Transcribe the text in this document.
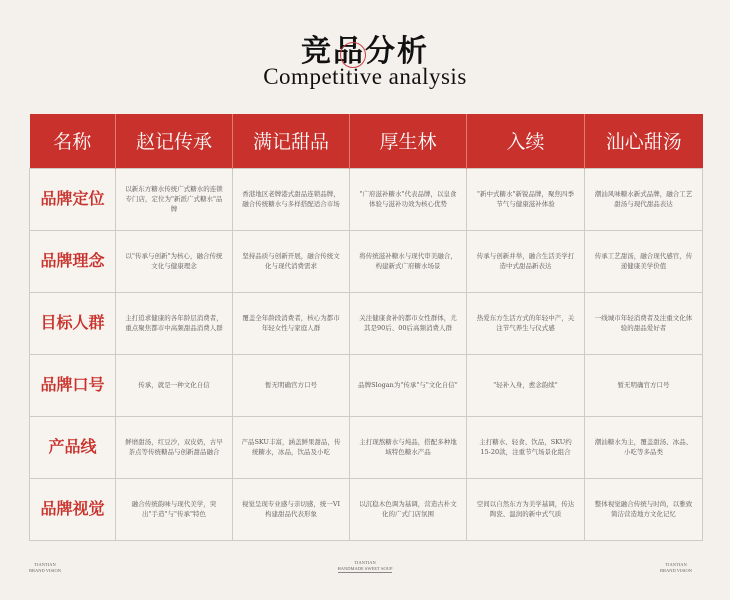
竞品分析
Competitive analysis
名称	赵记传承	满记甜品	厚生林	入续	汕心甜汤
品牌定位	以新东方糖水传统广式糖水的连锁专门店，定位为"新派广式糖水"品牌	香港地区老牌港式甜品连锁品牌，融合传统糖水与多样搭配适合市场	"广府滋补糖水"代表品牌，以皇食体验与滋补功效为核心优势	"新中式糖水"新锐品牌，聚焦四季节气与健康滋补体验	潮汕风味糖水新式品牌，融合工艺甜汤与现代甜品表达
品牌理念	以"传承与创新"为核心，融合传统文化与健康理念	坚持品质与创新开展，融合传统文化与现代消费需求	将传统滋补糖水与现代审美融合，构建新式广府糖水场景	传承与创新并举，融合生活美学打造中式甜品新表达	传承工艺甜汤，融合现代感官，传递健康美学价值
目标人群	主打追求健康的各年龄层消费者，重点聚焦都市中高频甜品消费人群	覆盖全年龄段消费者，核心为都市年轻女性与家庭人群	关注健康食补的都市女性群体，尤其是90后、00后高频消费人群	热爱东方生活方式的年轻中产，关注节气养生与仪式感	一线城市年轻消费者及注重文化体验的甜品爱好者
品牌口号	传承，就是一种文化自信	暂无明确官方口号	品牌Slogan为"传承"与"文化自信"	"轻补入身，愈念韵续"	暂无明确官方口号
产品线	鲜磨甜汤，红豆沙，双皮奶，古早茶点等传统糖品与创新甜品融合	产品SKU丰富，涵盖鲜果甜品，传统糖水，冰品，饮品及小吃	主打现熬糖水与炖品，搭配多种地域特色糖水产品	主打糖水、轻食、饮品，SKU约15-20款，注重节气场景化组合	潮汕糖水为主，覆盖甜汤、冰品、小吃等多品类
品牌视觉	融合传统韵味与现代美学，突出"手造"与"传承"特色	视觉呈现专业感与亲切感，统一VI构建甜品代表形象	以沉稳木色调为基调，营造古朴文化的广式门店氛围	空间以自然东方为美学基调，传达陶瓷、温润的新中式气质	整体视觉融合传统与时尚，以雅致简洁营造地方文化记忆
TIANTIAN
BRAND VISION
TIANTIAN
HANDMADE SWEET SOUP
TIANTIAN
BRAND VISION
